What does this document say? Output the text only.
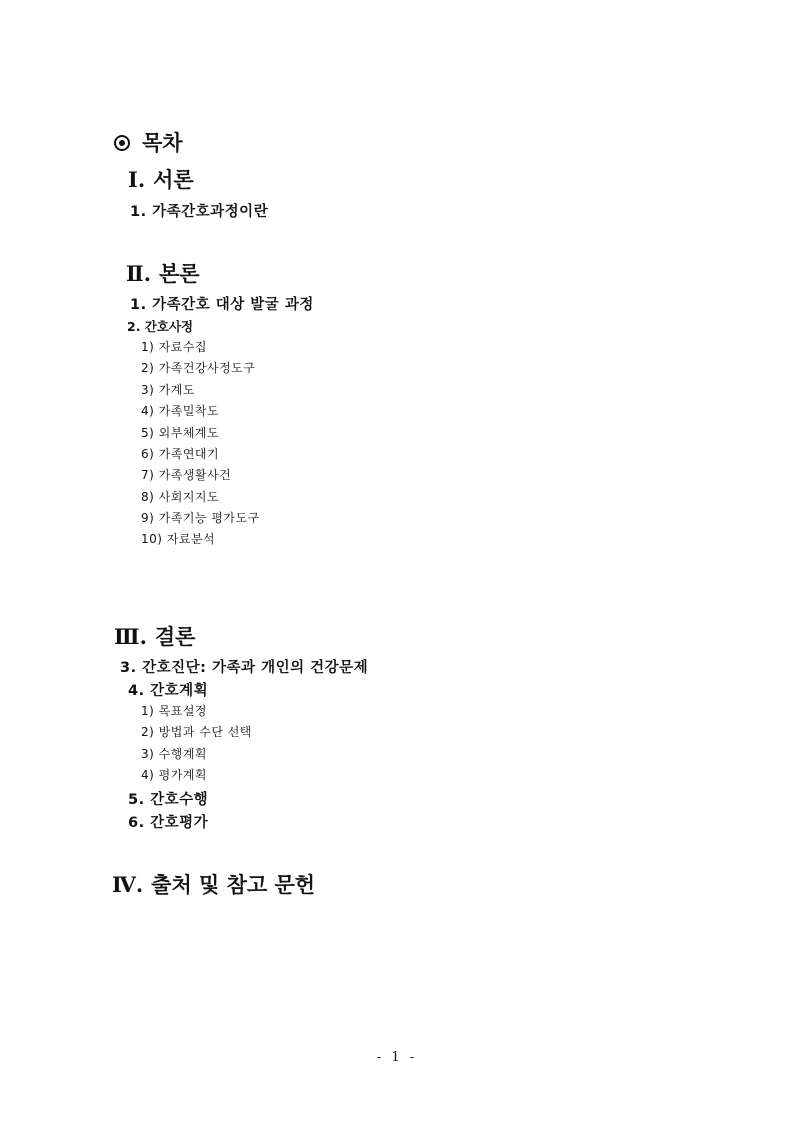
목차
Ⅰ. 서론
1. 가족간호과정이란
Ⅱ. 본론
1. 가족간호 대상 발굴 과정
2. 간호사정
1) 자료수집
2) 가족건강사정도구
3) 가계도
4) 가족밀착도
5) 외부체계도
6) 가족연대기
7) 가족생활사건
8) 사회지지도
9) 가족기능 평가도구
10) 자료분석
Ⅲ. 결론
3. 간호진단: 가족과 개인의 건강문제
4. 간호계획
1) 목표설정
2) 방법과 수단 선택
3) 수행계획
4) 평가계획
5. 간호수행
6. 간호평가
Ⅳ. 출처 및 참고 문헌
- 1 -
